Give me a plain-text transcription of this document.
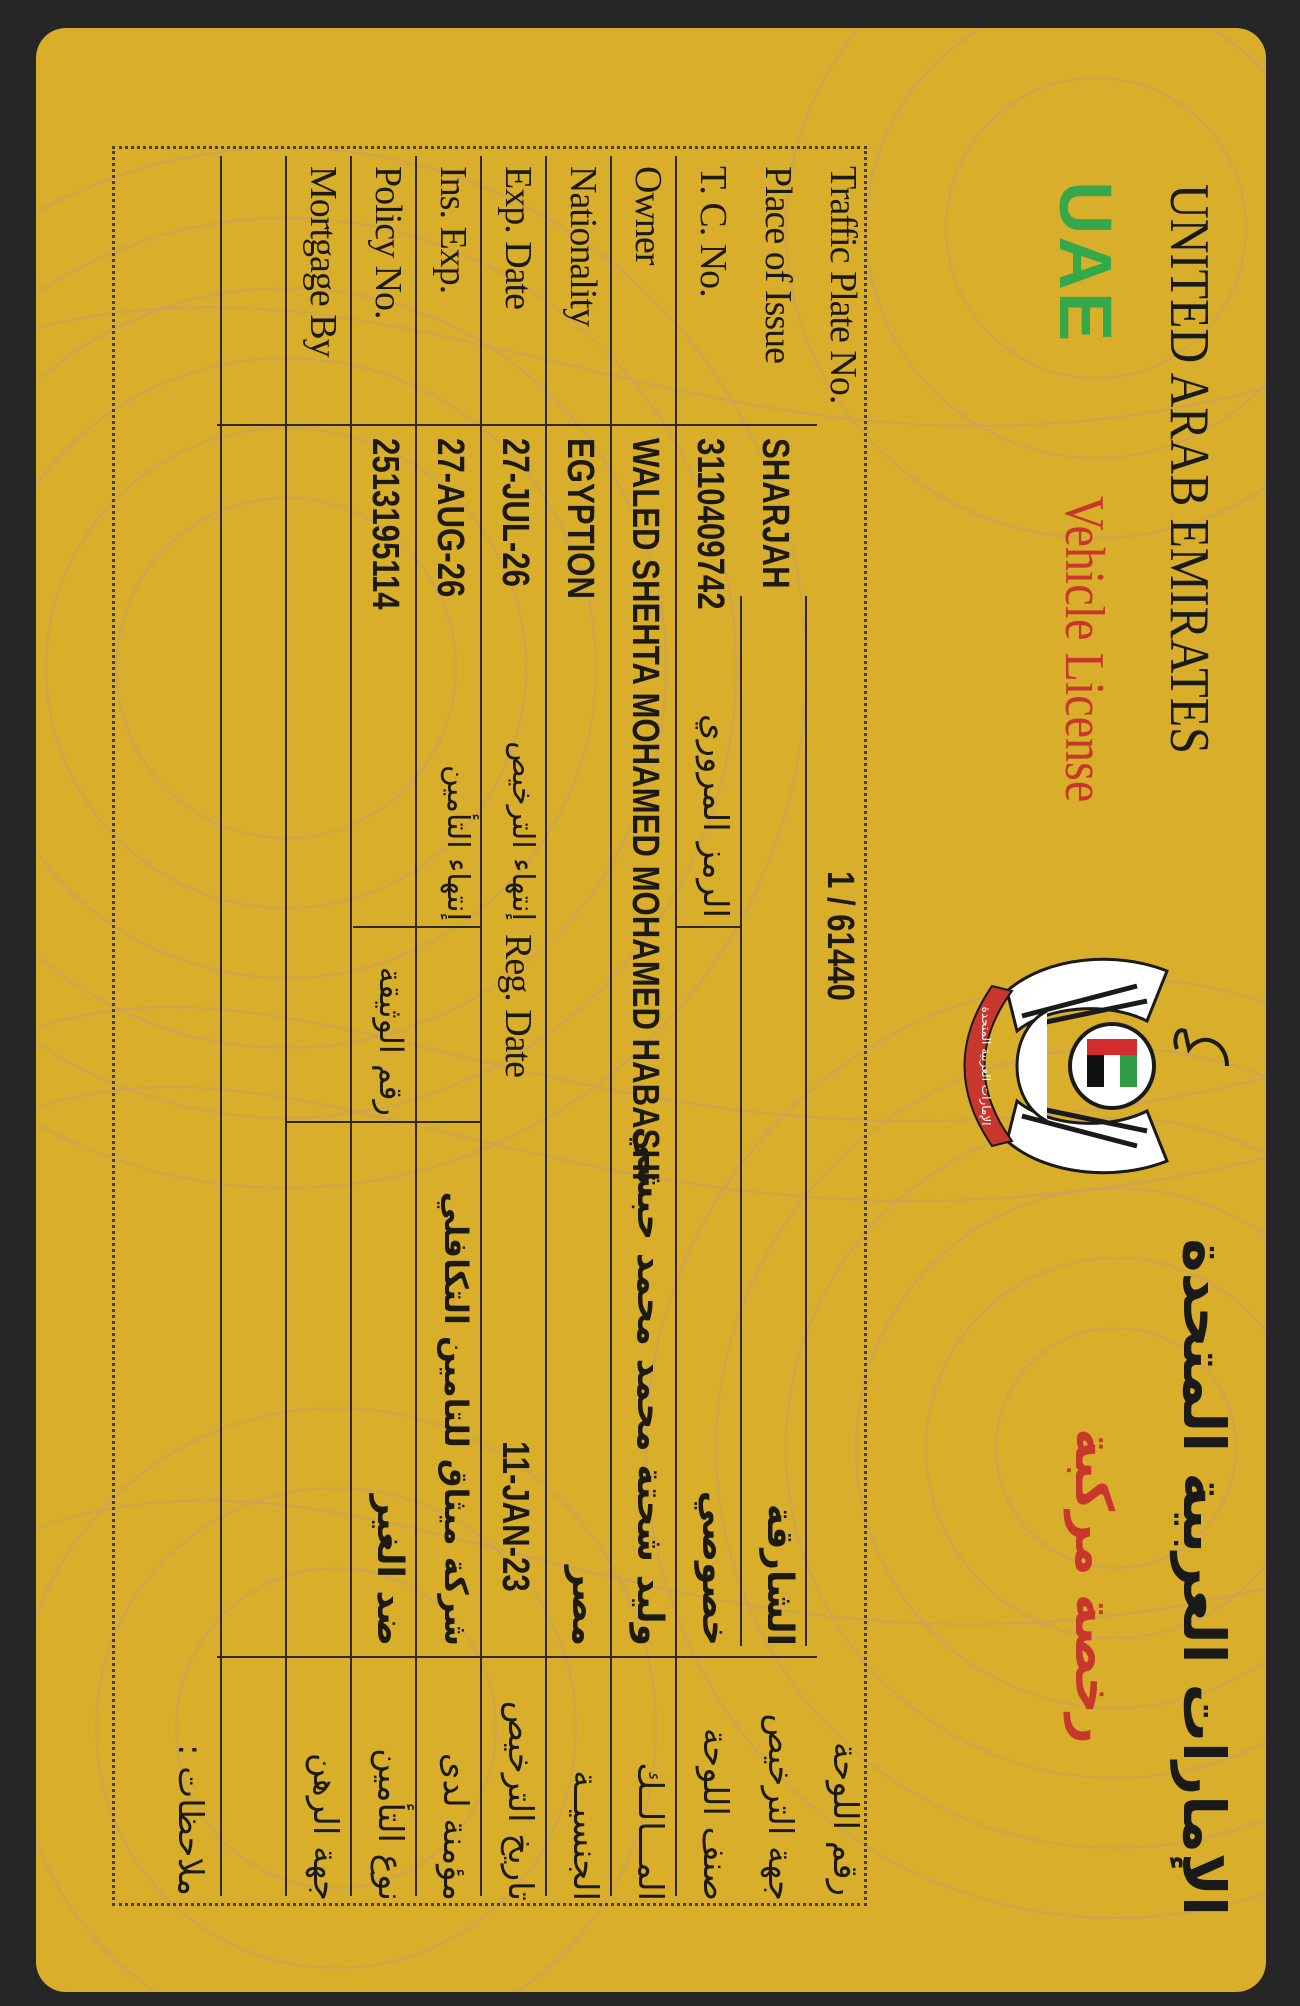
UNITED ARAB EMIRATES
UAE
Vehicle License
الإمارات العربية المتحدة
رخصة مركبة
الإمارات العربية المتحدة
Traffic Plate No.
1 / 61440
رقم اللوحة
Place of Issue
SHARJAH
الشارقة
جهة الترخيص
T. C. No.
3110409742
الرمز المروري
خصوصي
صنف اللوحة
Owner
WALED SHEHTA MOHAMED MOHAMED HABASHI
وليد شحتة محمد محمد حبشي
المـــالــك
Nationality
EGYPTION
مصر
الجنسيــة
Exp. Date
27-JUL-26
إنتهاء الترخيص
Reg. Date
11-JAN-23
تاريخ الترخيص
Ins. Exp.
27-AUG-26
إنتهاء التأمين
شركة ميثاق للتامين التكافلي
مؤمنة لدى
Policy No.
2513195114
رقم الوثيقة
ضد الغير
نوع التأمين
Mortgage By
جهة الرهن
ملاحظات :
